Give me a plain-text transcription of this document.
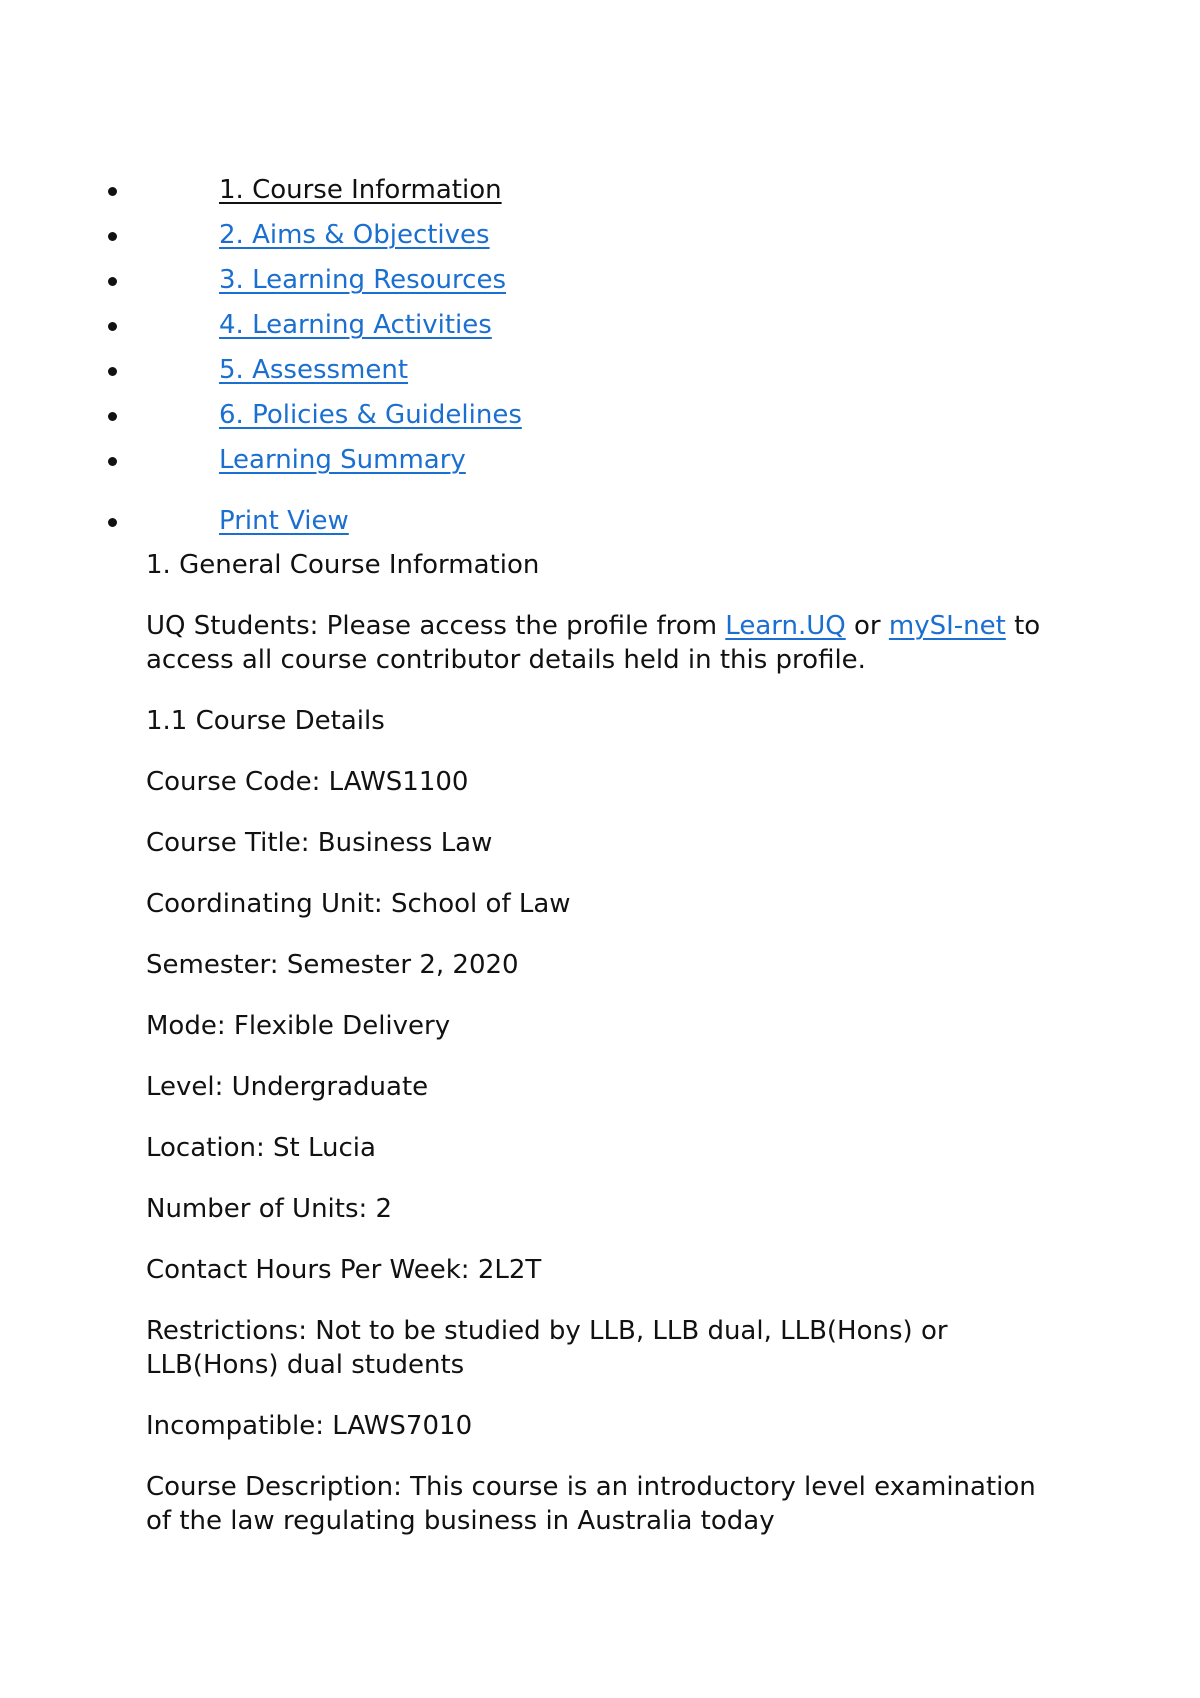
1. Course Information
2. Aims & Objectives
3. Learning Resources
4. Learning Activities
5. Assessment
6. Policies & Guidelines
Learning Summary
Print View

1. General Course Information

UQ Students: Please access the profile from Learn.UQ or mySI-net to access all course contributor details held in this profile.

1.1 Course Details

Course Code: LAWS1100

Course Title: Business Law

Coordinating Unit: School of Law

Semester: Semester 2, 2020

Mode: Flexible Delivery

Level: Undergraduate

Location: St Lucia

Number of Units: 2

Contact Hours Per Week: 2L2T

Restrictions: Not to be studied by LLB, LLB dual, LLB(Hons) or LLB(Hons) dual students

Incompatible: LAWS7010

Course Description: This course is an introductory level examination of the law regulating business in Australia today
